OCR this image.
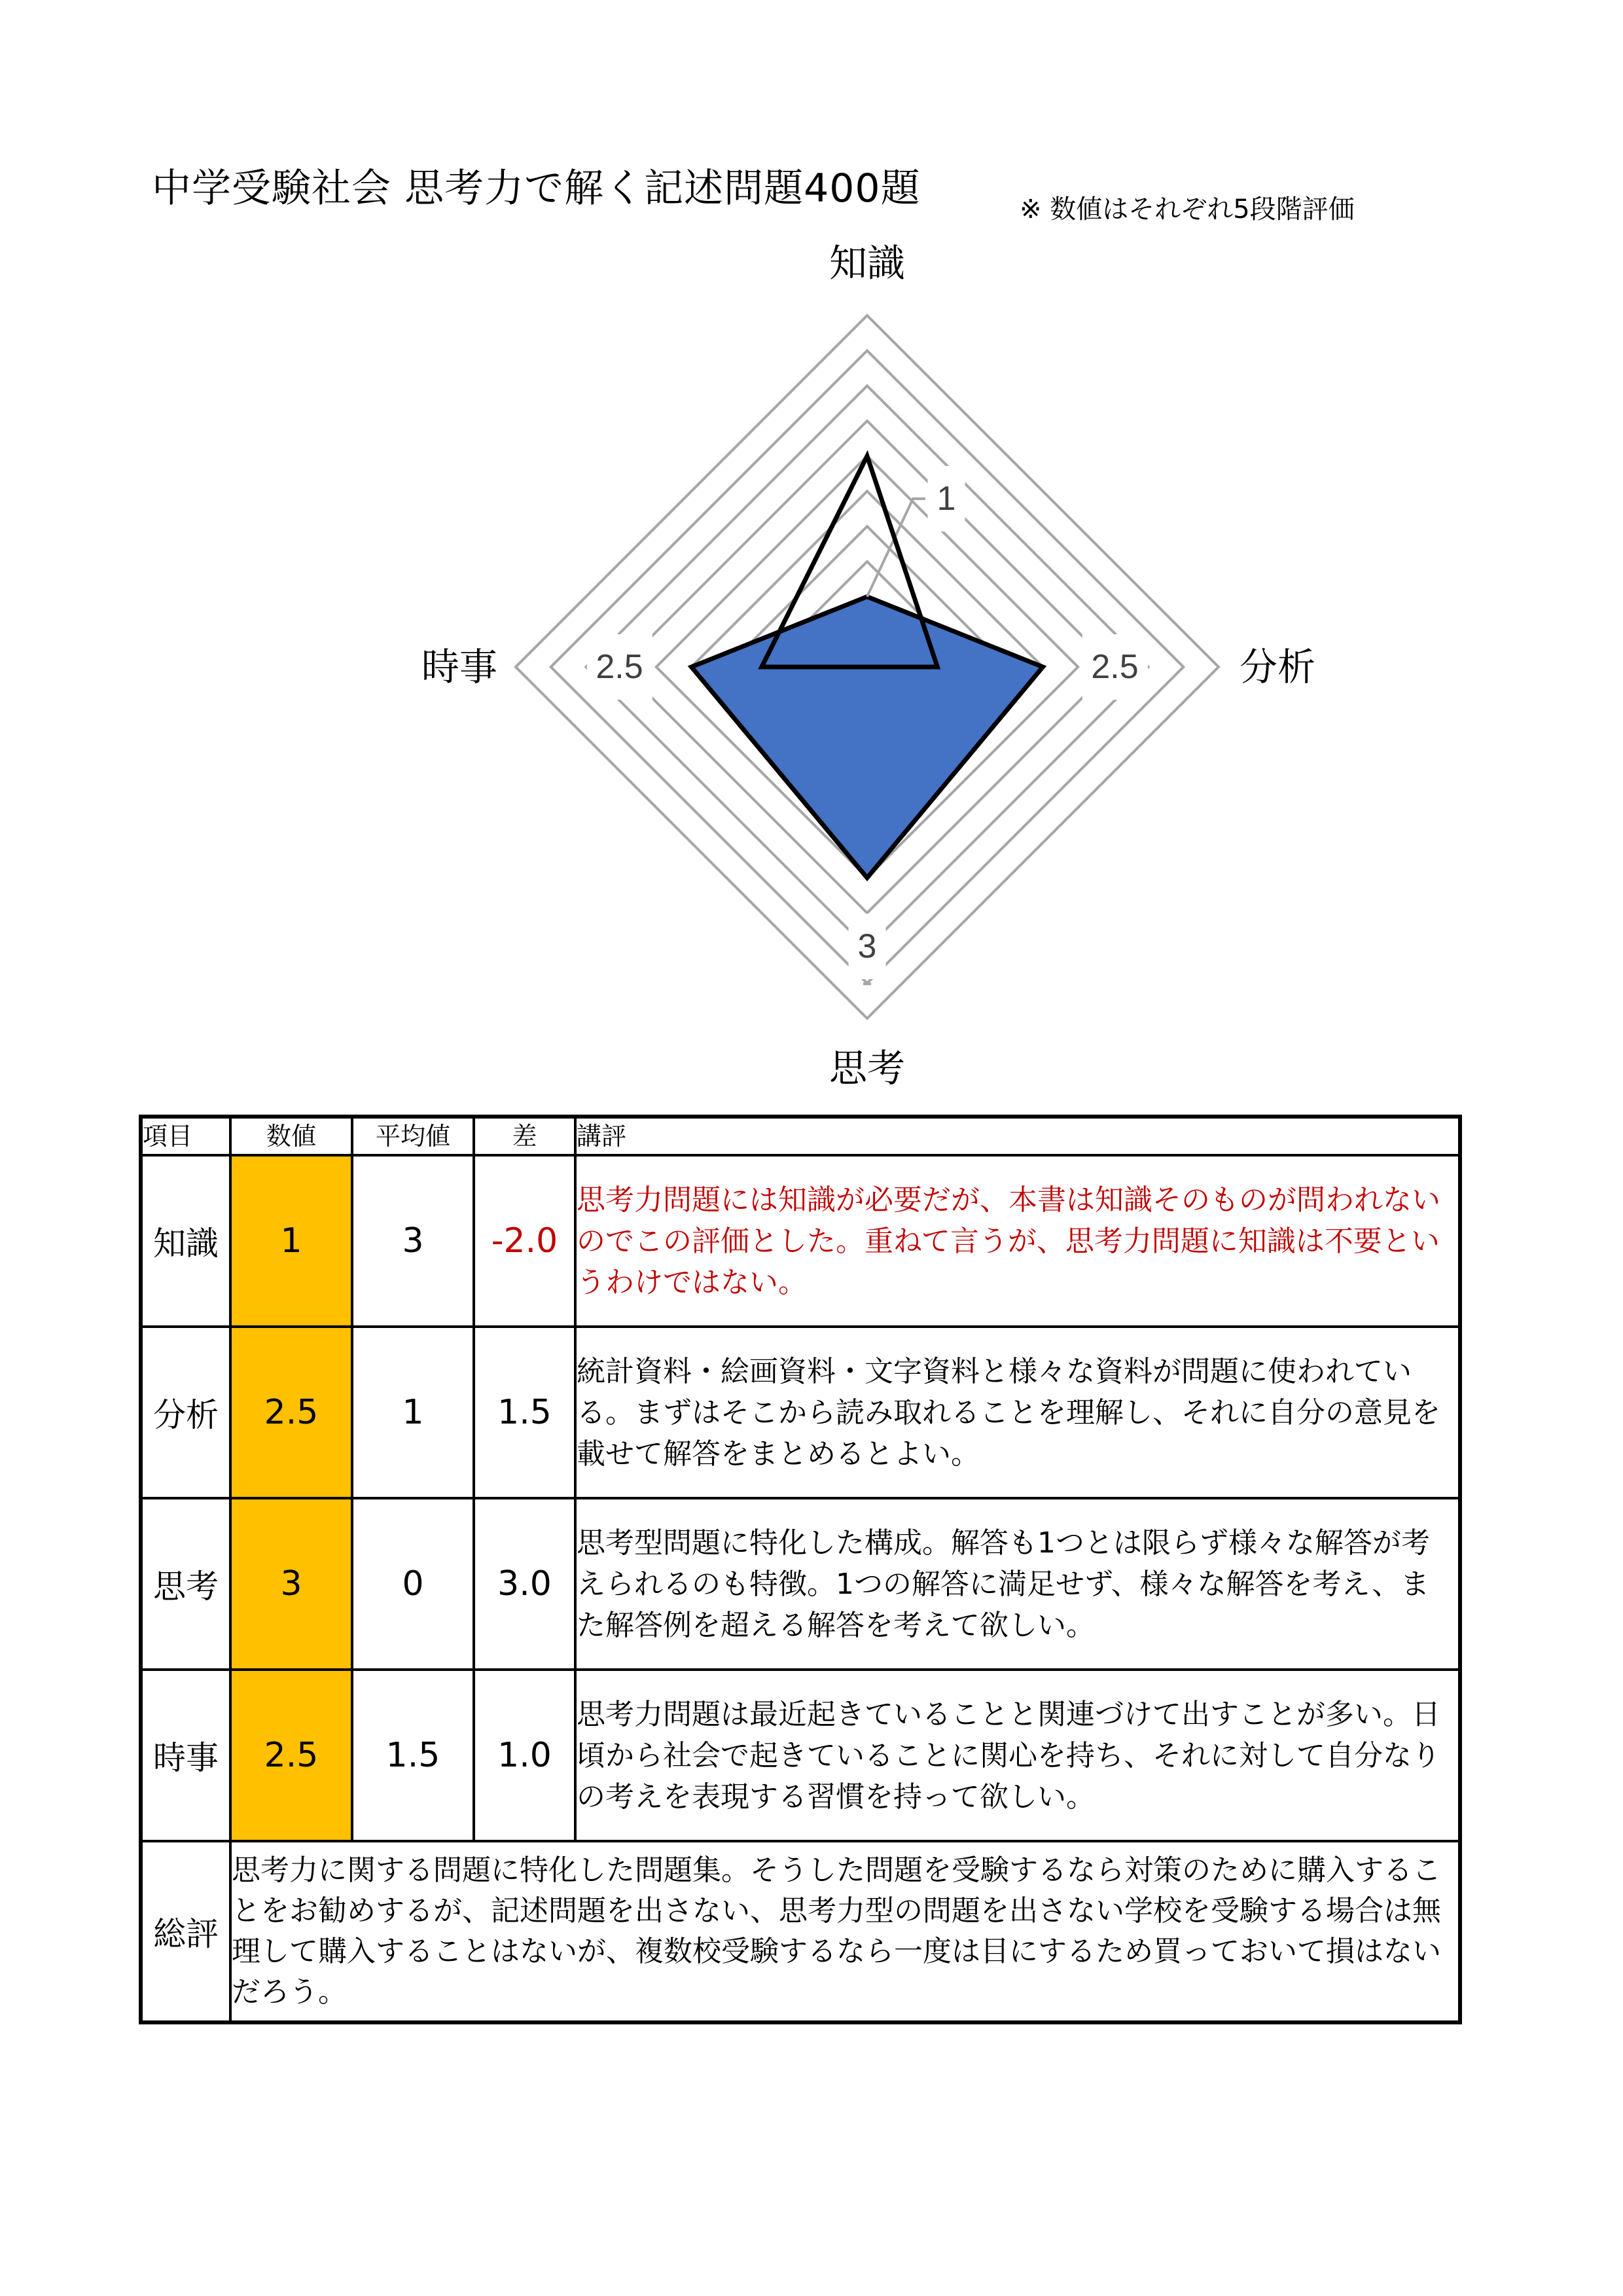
中学受験社会 思考力で解く記述問題400題	※ 数値はそれぞれ5段階評価
1
2.5
3
2.5
知識
分析
思考
時事
項目	数値	平均値	差	講評
知識	1	3	-2.0	思考力問題には知識が必要だが、本書は知識そのものが問われないのでこの評価とした。重ねて言うが、思考力問題に知識は不要というわけではない。
分析	2.5	1	1.5	統計資料・絵画資料・文字資料と様々な資料が問題に使われている。まずはそこから読み取れることを理解し、それに自分の意見を載せて解答をまとめるとよい。
思考	3	0	3.0	思考型問題に特化した構成。解答も1つとは限らず様々な解答が考えられるのも特徴。1つの解答に満足せず、様々な解答を考え、また解答例を超える解答を考えて欲しい。
時事	2.5	1.5	1.0	思考力問題は最近起きていることと関連づけて出すことが多い。日頃から社会で起きていることに関心を持ち、それに対して自分なりの考えを表現する習慣を持って欲しい。
総評	思考力に関する問題に特化した問題集。そうした問題を受験するなら対策のために購入することをお勧めするが、記述問題を出さない、思考力型の問題を出さない学校を受験する場合は無理して購入することはないが、複数校受験するなら一度は目にするため買っておいて損はないだろう。			
